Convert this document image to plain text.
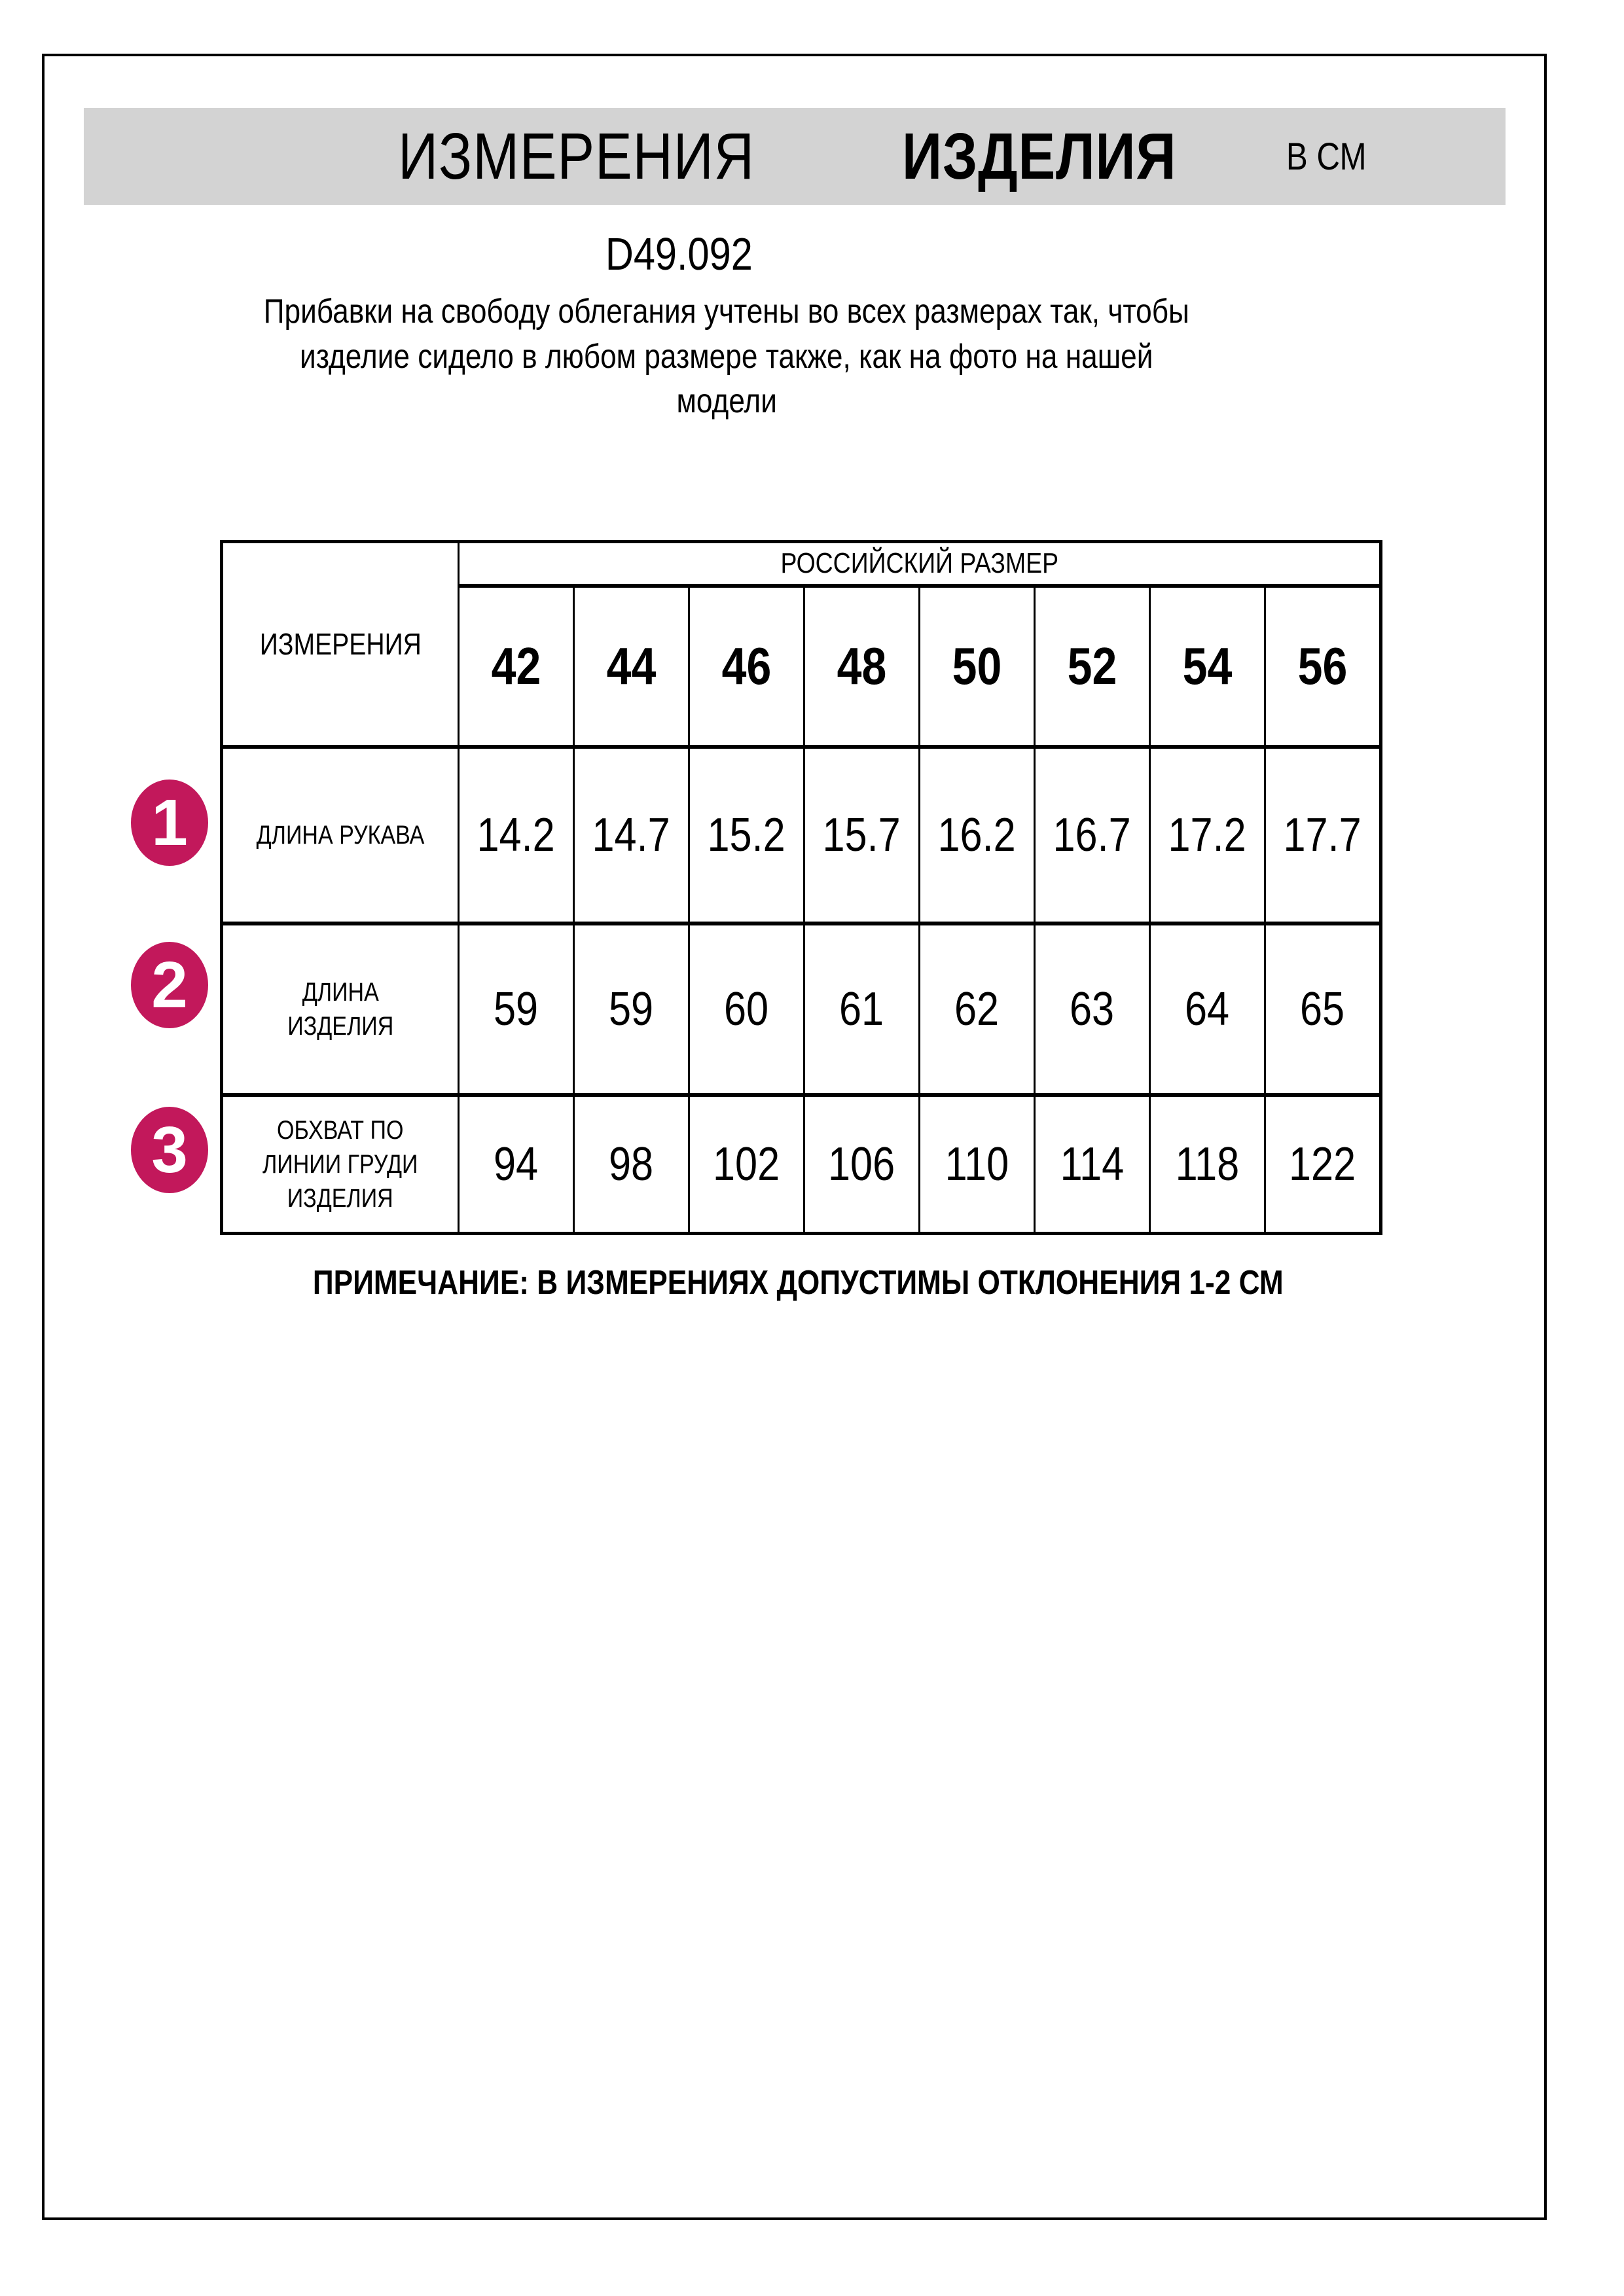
ИЗМЕРЕНИЯ ИЗДЕЛИЯ	В СМ
D49.092
Прибавки на свободу облегания учтены во всех размерах так, чтобы
изделие сидело в любом размере также, как на фото на нашей
модели
ИЗМЕРЕНИЯ
РОССИЙСКИЙ РАЗМЕР
42 44 46 48 50 52 54 56
ДЛИНА РУКАВА 14.2 14.7 15.2 15.7 16.2 16.7 17.2 17.7
ДЛИНА
ИЗДЕЛИЯ 59 59 60 61 62 63 64 65
ОБХВАТ ПО
ЛИНИИ ГРУДИ
ИЗДЕЛИЯ
94 98 102 106 110 114 118 122
1
2
3
ПРИМЕЧАНИЕ: В ИЗМЕРЕНИЯХ ДОПУСТИМЫ ОТКЛОНЕНИЯ 1-2 СМ
